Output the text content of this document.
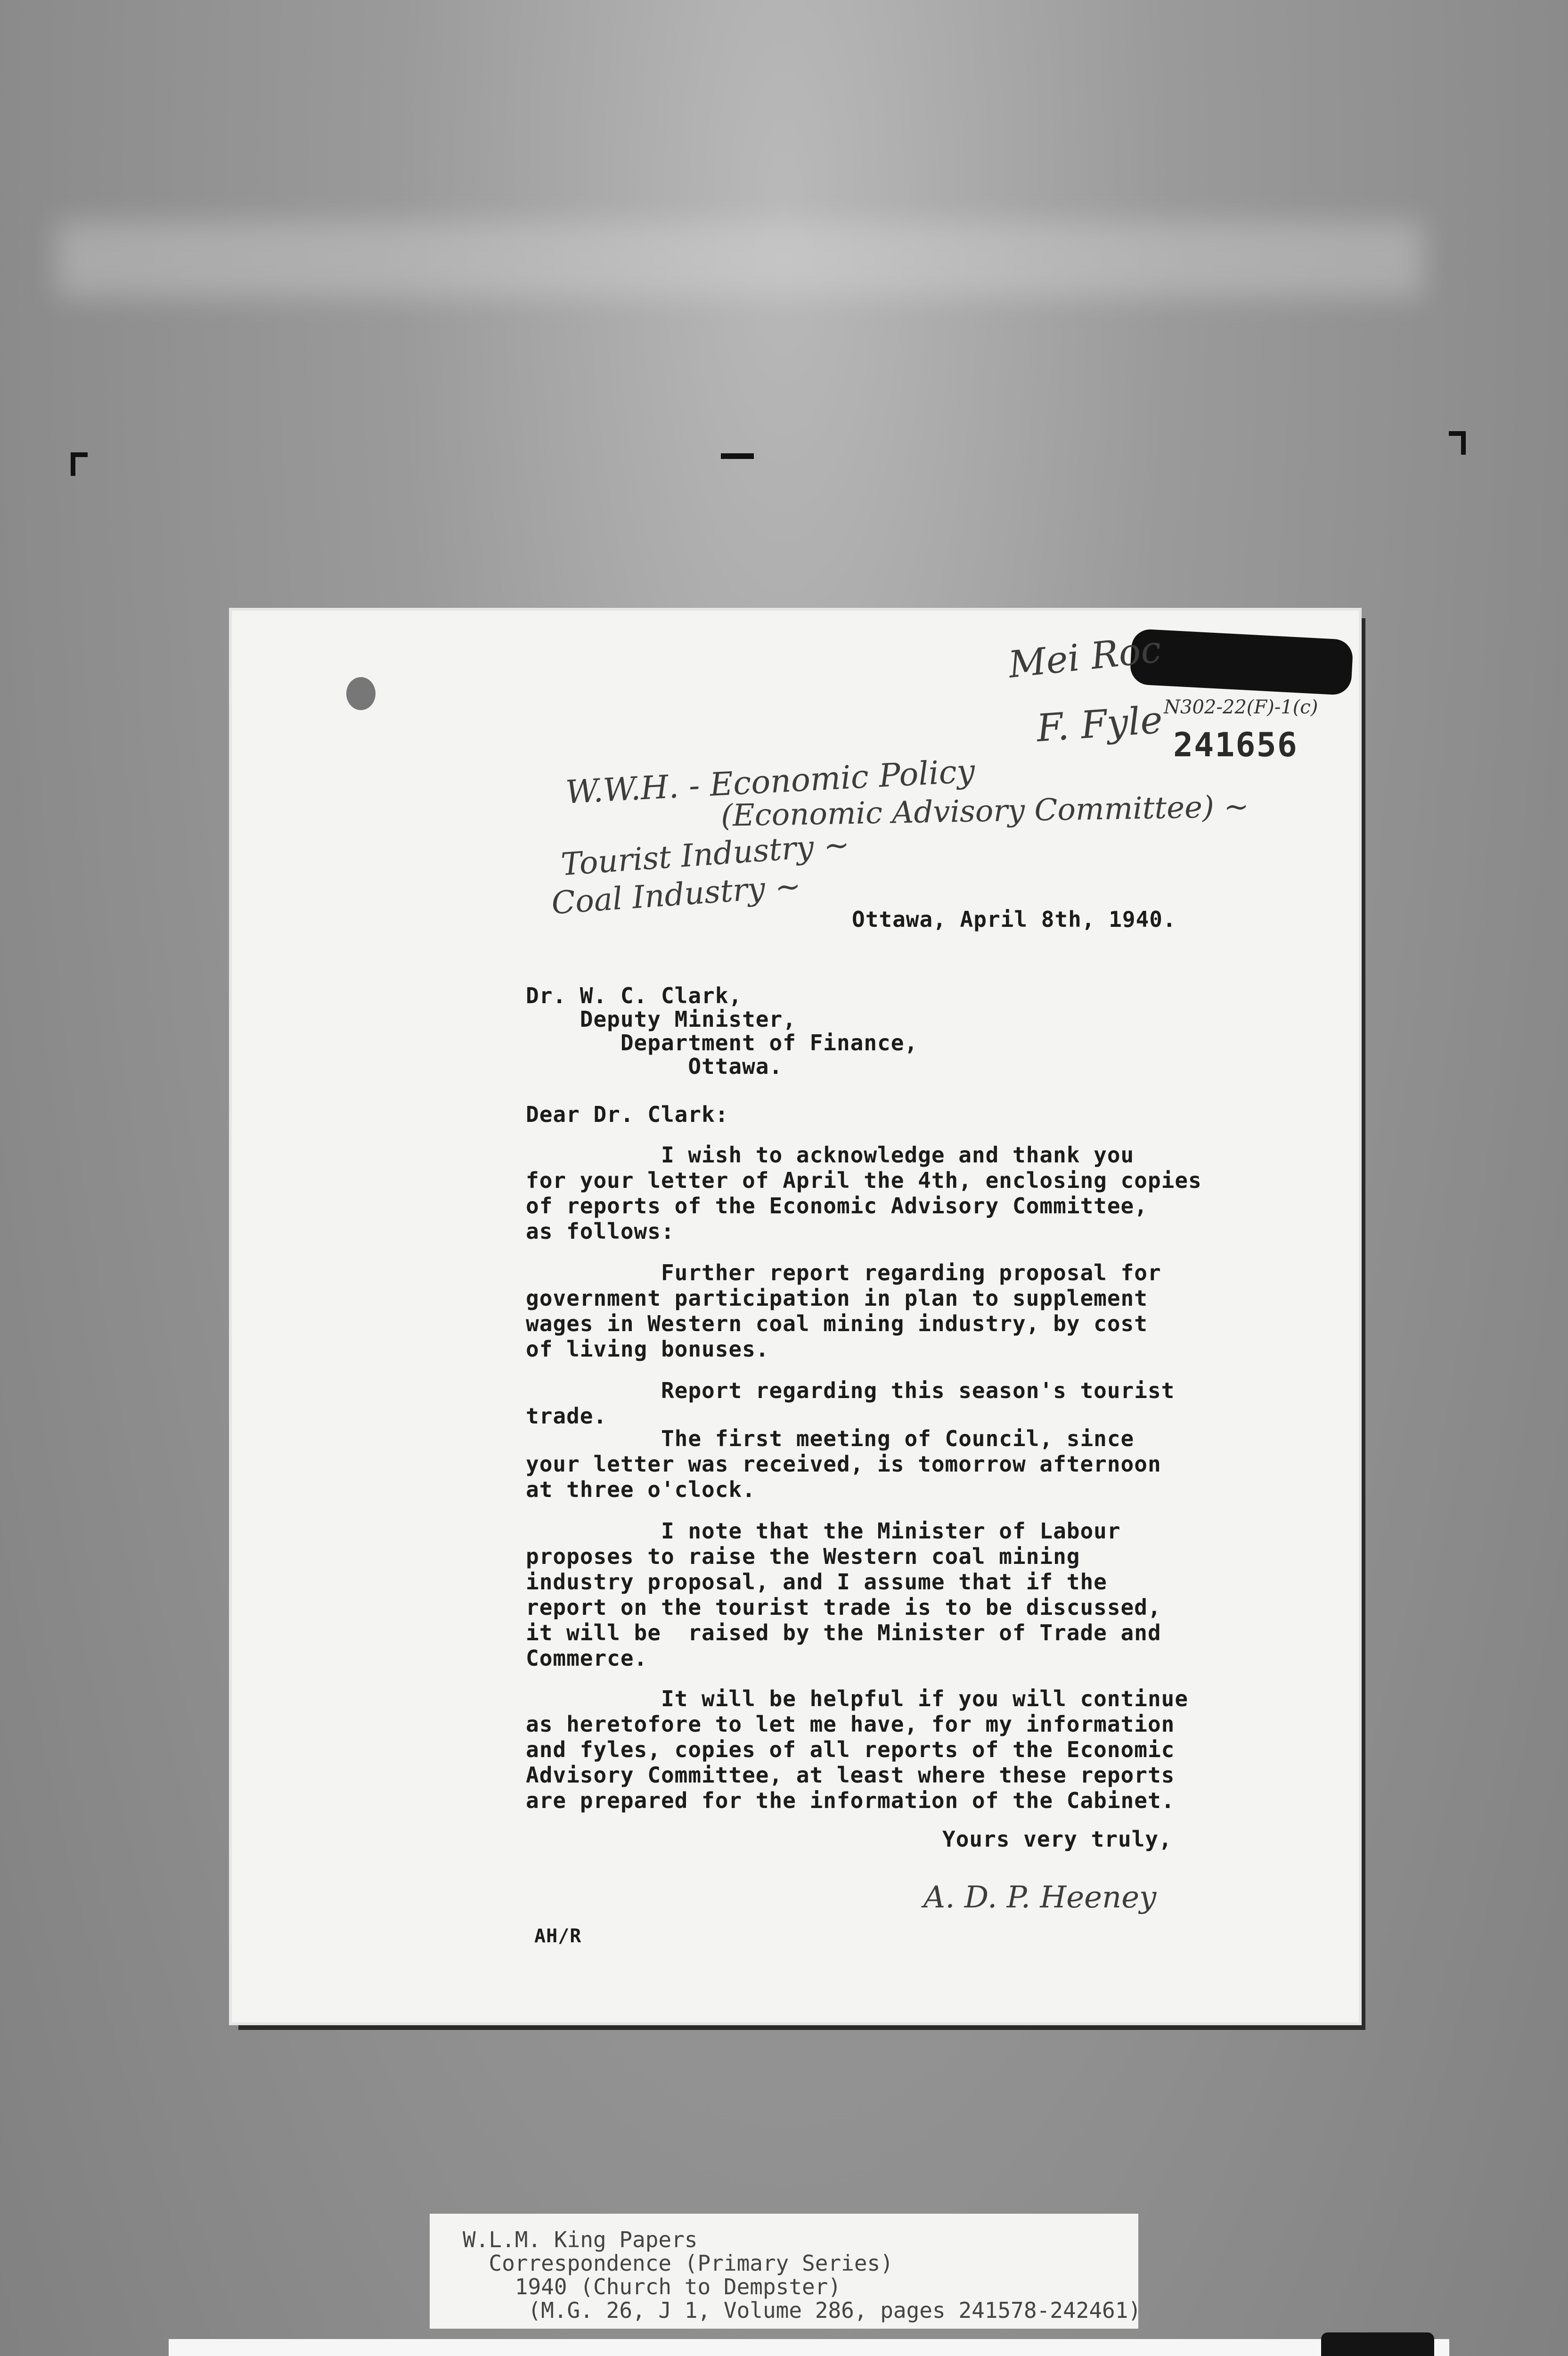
Mei Roc
F. Fyle N302-22(F)-1(c)
241656
W.W.H. - Economic Policy
(Economic Advisory Committee) ~
Tourist Industry ~
Coal Industry ~ Ottawa, April 8th, 1940.
Dr. W. C. Clark,
Deputy Minister,
Department of Finance,
Ottawa.
Dear Dr. Clark:
I wish to acknowledge and thank you
for your letter of April the 4th, enclosing copies
of reports of the Economic Advisory Committee,
as follows:
Further report regarding proposal for
government participation in plan to supplement
wages in Western coal mining industry, by cost
of living bonuses.
Report regarding this season's tourist
trade.
The first meeting of Council, since
your letter was received, is tomorrow afternoon
at three o'clock.
I note that the Minister of Labour
proposes to raise the Western coal mining
industry proposal, and I assume that if the
report on the tourist trade is to be discussed,
it will be  raised by the Minister of Trade and
Commerce.
It will be helpful if you will continue
as heretofore to let me have, for my information
and fyles, copies of all reports of the Economic
Advisory Committee, at least where these reports
are prepared for the information of the Cabinet.
Yours very truly,
A. D. P. Heeney
AH/R
W.L.M. King Papers
Correspondence (Primary Series)
1940 (Church to Dempster)
(M.G. 26, J 1, Volume 286, pages 241578-242461)
